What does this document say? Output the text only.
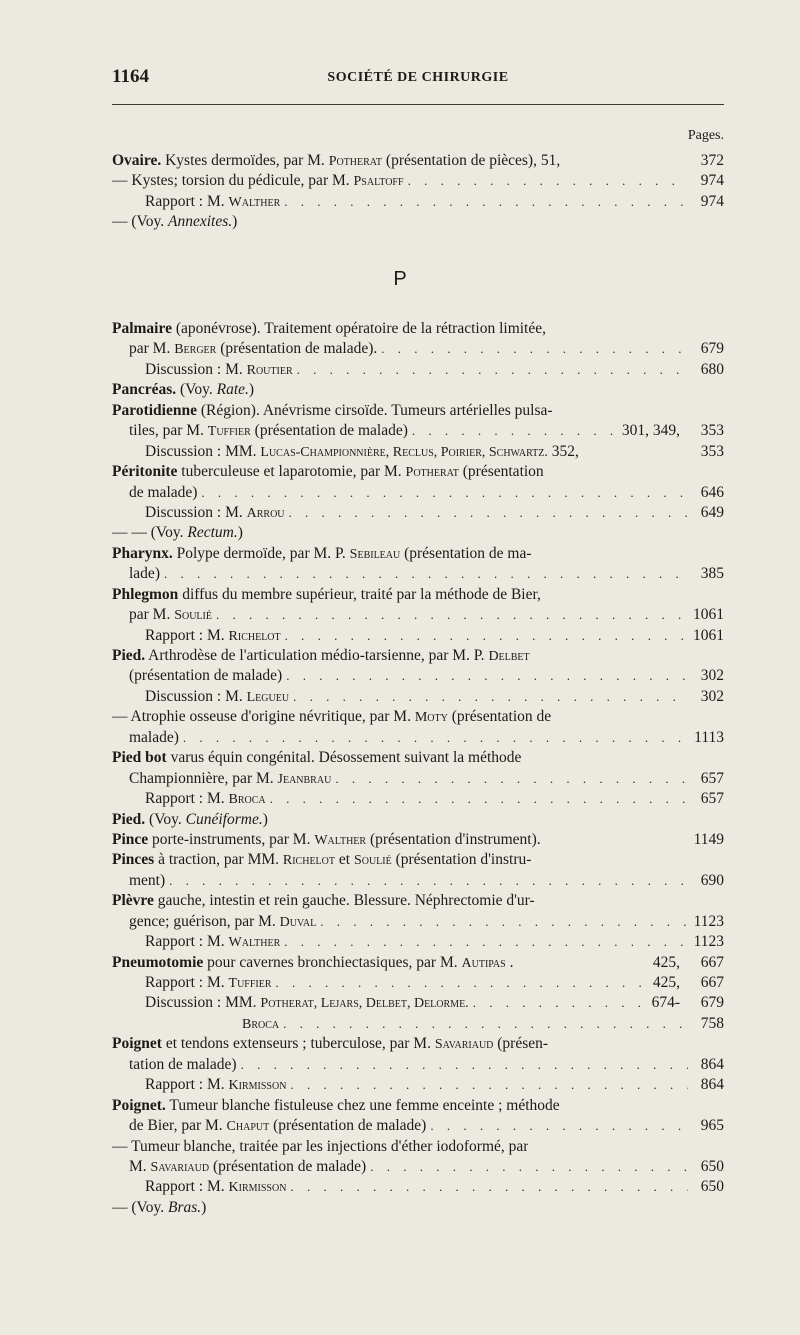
1164	SOCIÉTÉ DE CHIRURGIE
Pages.
Ovaire. Kystes dermoïdes, par M. Potherat (présentation de pièces), 51,	372
— Kystes; torsion du pédicule, par M. Psaltoff . . .	974
Rapport : M. Walther . . .	974
— (Voy. Annexites.)
P
Palmaire (aponévrose). Traitement opératoire de la rétraction limitée,
par M. Berger (présentation de malade). . . .	679
Discussion : M. Routier . . .	680
Pancréas. (Voy. Rate.)
Parotidienne (Région). Anévrisme cirsoïde. Tumeurs artérielles pulsa-
tiles, par M. Tuffier (présentation de malade) . . .	301, 349,	353
Discussion : MM. Lucas-Championnière, Reclus, Poirier, Schwartz. 352,	353
Péritonite tuberculeuse et laparotomie, par M. Potherat (présentation
de malade) . . .	646
Discussion : M. Arrou . . .	649
— — (Voy. Rectum.)
Pharynx. Polype dermoïde, par M. P. Sebileau (présentation de ma-
lade) . . .	385
Phlegmon diffus du membre supérieur, traité par la méthode de Bier,
par M. Soulié . . .	1061
Rapport : M. Richelot . . .	1061
Pied. Arthrodèse de l'articulation médio-tarsienne, par M. P. Delbet
(présentation de malade) . . .	302
Discussion : M. Legueu . . .	302
— Atrophie osseuse d'origine névritique, par M. Moty (présentation de
malade) . . .	1113
Pied bot varus équin congénital. Désossement suivant la méthode
Championnière, par M. Jeanbrau . . .	657
Rapport : M. Broca . . .	657
Pied. (Voy. Cunéiforme.)
Pince porte-instruments, par M. Walther (présentation d'instrument).	1149
Pinces à traction, par MM. Richelot et Soulié (présentation d'instru-
ment) . . .	690
Plèvre gauche, intestin et rein gauche. Blessure. Néphrectomie d'ur-
gence; guérison, par M. Duval . . .	1123
Rapport : M. Walther . . .	1123
Pneumotomie pour cavernes bronchiectasiques, par M. Autipas .	425,	667
Rapport : M. Tuffier . . .	425,	667
Discussion : MM. Potherat, Lejars, Delbet, Delorme. . . .	674-	679
Broca . . .	758
Poignet et tendons extenseurs ; tuberculose, par M. Savariaud (présen-
tation de malade) . . .	864
Rapport : M. Kirmisson . . .	864
Poignet. Tumeur blanche fistuleuse chez une femme enceinte ; méthode
de Bier, par M. Chaput (présentation de malade) . . .	965
— Tumeur blanche, traitée par les injections d'éther iodoformé, par
M. Savariaud (présentation de malade) . . .	650
Rapport : M. Kirmisson . . .	650
— (Voy. Bras.)
